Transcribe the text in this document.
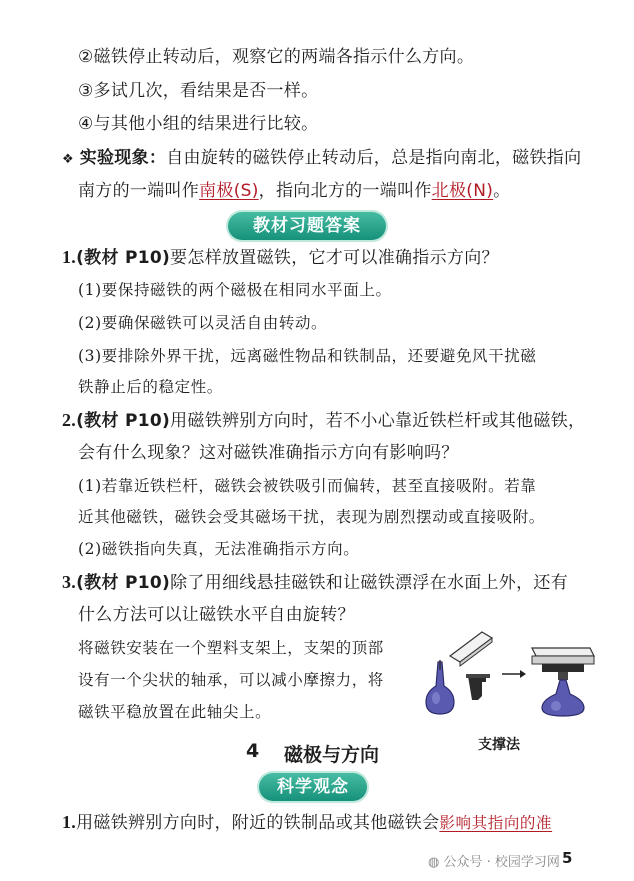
②磁铁停止转动后，观察它的两端各指示什么方向。
③多试几次，看结果是否一样。
④与其他小组的结果进行比较。
❖ 实验现象：自由旋转的磁铁停止转动后，总是指向南北，磁铁指向
南方的一端叫作南极(S)，指向北方的一端叫作北极(N)。
教材习题答案
1.(教材 P10)要怎样放置磁铁，它才可以准确指示方向？
(1)要保持磁铁的两个磁极在相同水平面上。
(2)要确保磁铁可以灵活自由转动。
(3)要排除外界干扰，远离磁性物品和铁制品，还要避免风干扰磁
铁静止后的稳定性。
2.(教材 P10)用磁铁辨别方向时，若不小心靠近铁栏杆或其他磁铁，
会有什么现象？这对磁铁准确指示方向有影响吗？
(1)若靠近铁栏杆，磁铁会被铁吸引而偏转，甚至直接吸附。若靠
近其他磁铁，磁铁会受其磁场干扰，表现为剧烈摆动或直接吸附。
(2)磁铁指向失真，无法准确指示方向。
3.(教材 P10)除了用细线悬挂磁铁和让磁铁漂浮在水面上外，还有
什么方法可以让磁铁水平自由旋转？
将磁铁安装在一个塑料支架上，支架的顶部
设有一个尖状的轴承，可以减小摩擦力，将
磁铁平稳放置在此轴尖上。
支撑法
4 磁极与方向
科学观念
1.用磁铁辨别方向时，附近的铁制品或其他磁铁会影响其指向的准
◍ 公众号 · 校园学习网 5
